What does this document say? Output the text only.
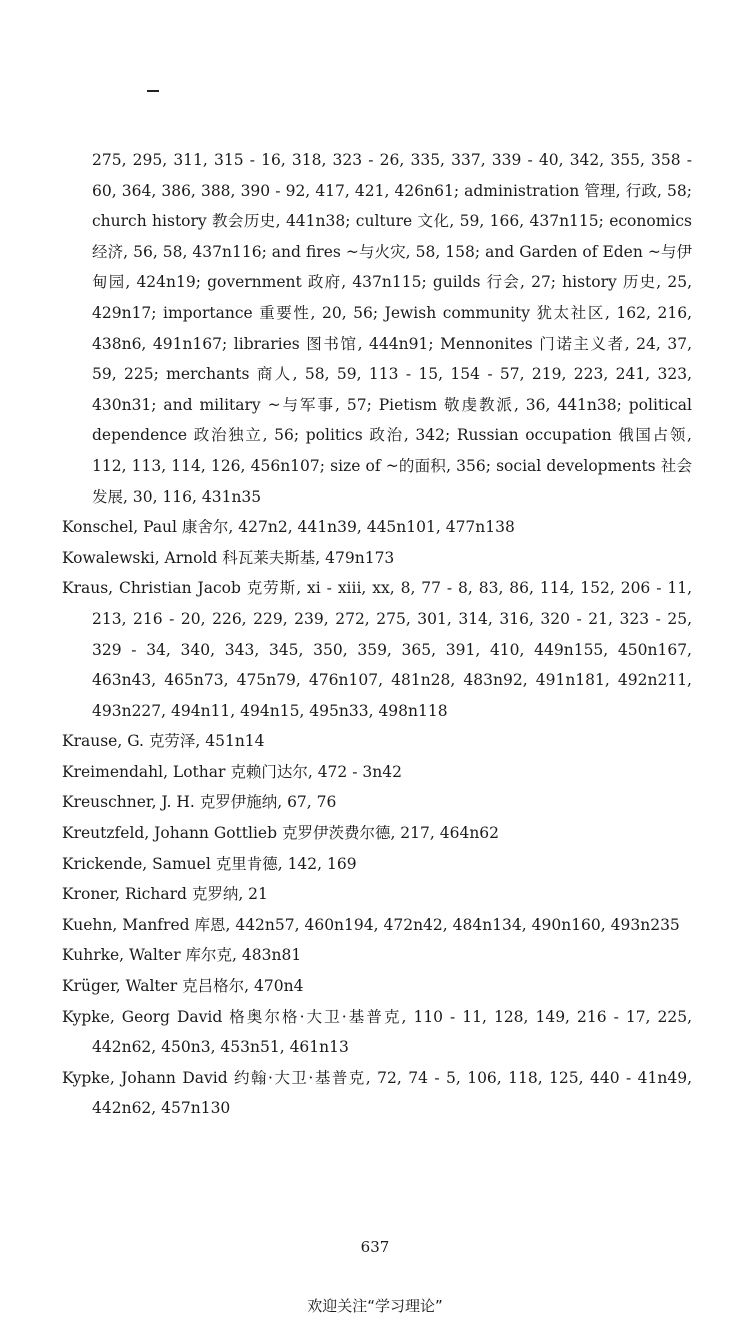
275, 295, 311, 315 - 16, 318, 323 - 26, 335, 337, 339 - 40, 342, 355, 358 - 60, 364, 386, 388, 390 - 92, 417, 421, 426n61; administration 管理, 行政, 58; church history 教会历史, 441n38; culture 文化, 59, 166, 437n115; economics 经济, 56, 58, 437n116; and fires ~与火灾, 58, 158; and Garden of Eden ~与伊甸园, 424n19; government 政府, 437n115; guilds 行会, 27; history 历史, 25, 429n17; importance 重要性, 20, 56; Jewish community 犹太社区, 162, 216, 438n6, 491n167; libraries 图书馆, 444n91; Mennonites 门诺主义者, 24, 37, 59, 225; merchants 商人, 58, 59, 113 - 15, 154 - 57, 219, 223, 241, 323, 430n31; and military ~与军事, 57; Pietism 敬虔教派, 36, 441n38; political dependence 政治独立, 56; politics 政治, 342; Russian occupation 俄国占领, 112, 113, 114, 126, 456n107; size of ~的面积, 356; social developments 社会发展, 30, 116, 431n35
Konschel, Paul 康舍尔, 427n2, 441n39, 445n101, 477n138
Kowalewski, Arnold 科瓦莱夫斯基, 479n173
Kraus, Christian Jacob 克劳斯, xi - xiii, xx, 8, 77 - 8, 83, 86, 114, 152, 206 - 11, 213, 216 - 20, 226, 229, 239, 272, 275, 301, 314, 316, 320 - 21, 323 - 25, 329 - 34, 340, 343, 345, 350, 359, 365, 391, 410, 449n155, 450n167, 463n43, 465n73, 475n79, 476n107, 481n28, 483n92, 491n181, 492n211, 493n227, 494n11, 494n15, 495n33, 498n118
Krause, G. 克劳泽, 451n14
Kreimendahl, Lothar 克赖门达尔, 472 - 3n42
Kreuschner, J. H. 克罗伊施纳, 67, 76
Kreutzfeld, Johann Gottlieb 克罗伊茨费尔德, 217, 464n62
Krickende, Samuel 克里肯德, 142, 169
Kroner, Richard 克罗纳, 21
Kuehn, Manfred 库恩, 442n57, 460n194, 472n42, 484n134, 490n160, 493n235
Kuhrke, Walter 库尔克, 483n81
Krüger, Walter 克吕格尔, 470n4
Kypke, Georg David 格奥尔格·大卫·基普克, 110 - 11, 128, 149, 216 - 17, 225, 442n62, 450n3, 453n51, 461n13
Kypke, Johann David 约翰·大卫·基普克, 72, 74 - 5, 106, 118, 125, 440 - 41n49, 442n62, 457n130
637
欢迎关注“学习理论”
